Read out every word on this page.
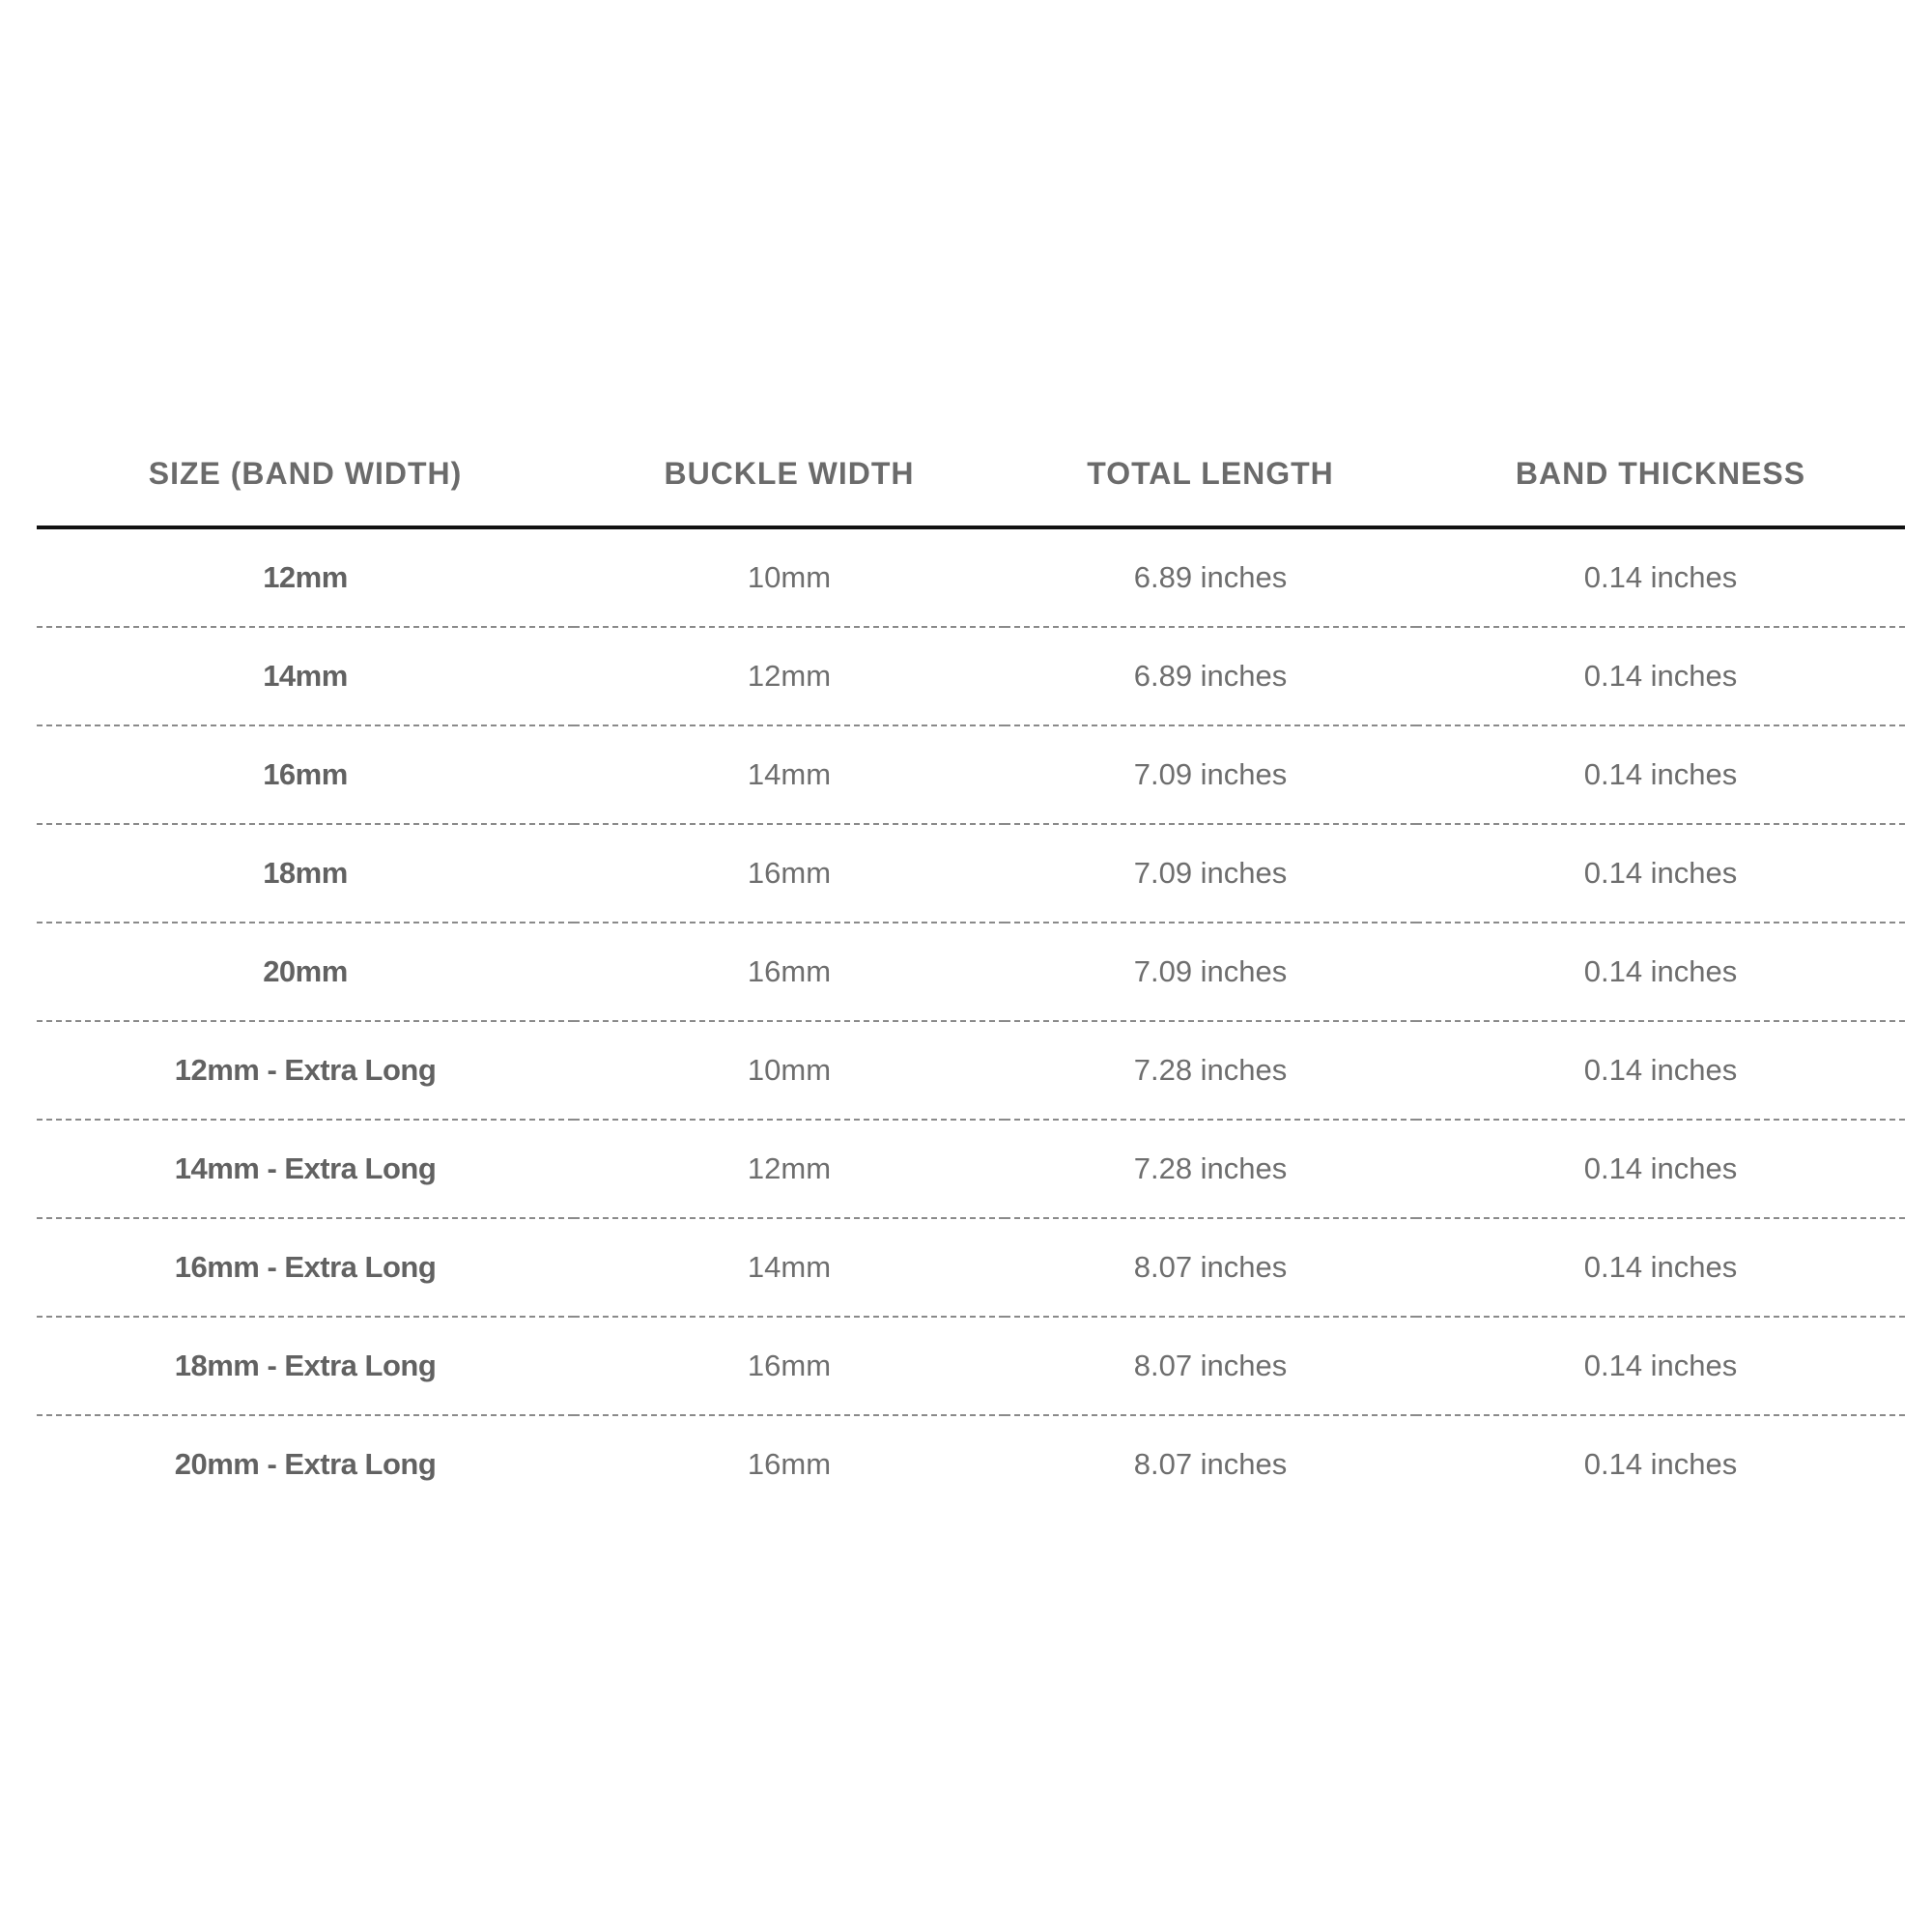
SIZE (BAND WIDTH)	BUCKLE WIDTH	TOTAL LENGTH	BAND THICKNESS
12mm	10mm	6.89 inches	0.14 inches
14mm	12mm	6.89 inches	0.14 inches
16mm	14mm	7.09 inches	0.14 inches
18mm	16mm	7.09 inches	0.14 inches
20mm	16mm	7.09 inches	0.14 inches
12mm - Extra Long	10mm	7.28 inches	0.14 inches
14mm - Extra Long	12mm	7.28 inches	0.14 inches
16mm - Extra Long	14mm	8.07 inches	0.14 inches
18mm - Extra Long	16mm	8.07 inches	0.14 inches
20mm - Extra Long	16mm	8.07 inches	0.14 inches
